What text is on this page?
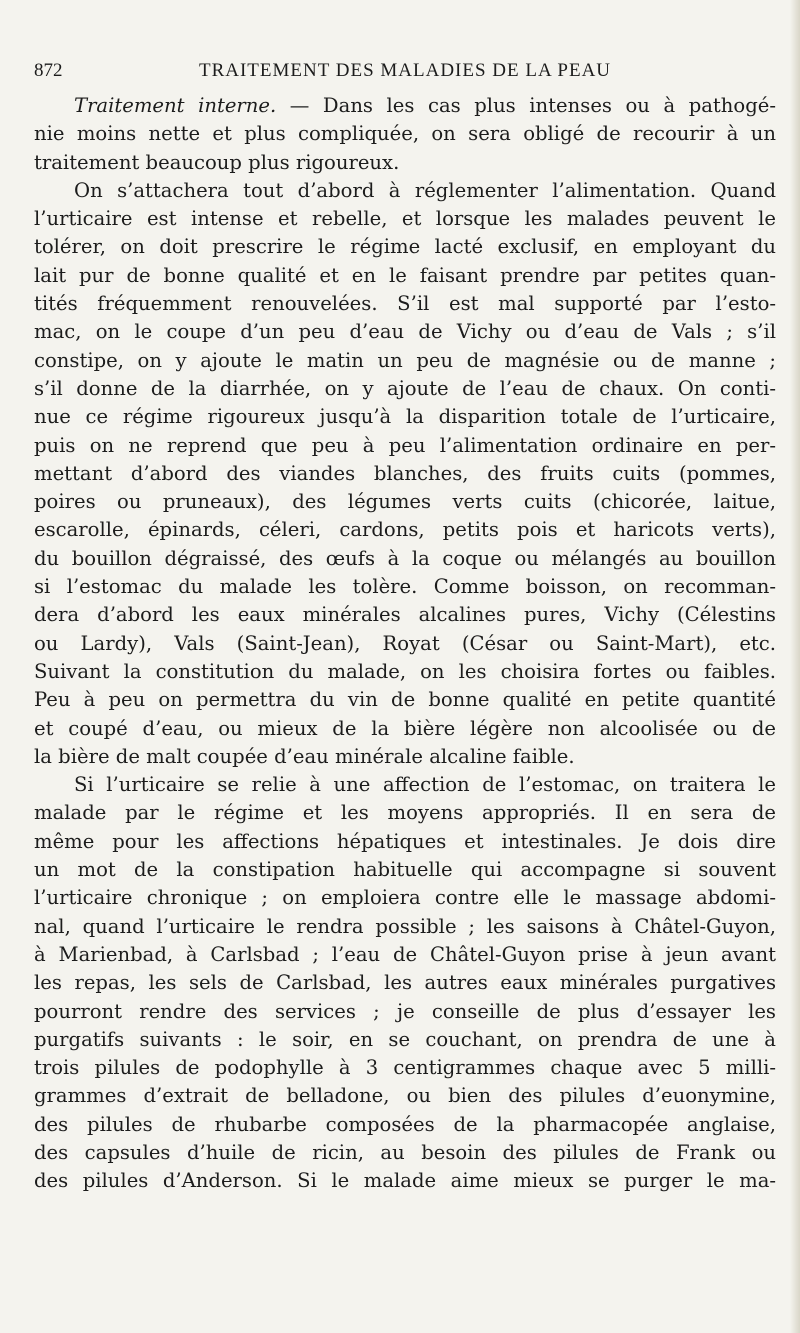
872	TRAITEMENT DES MALADIES DE LA PEAU
Traitement interne. — Dans les cas plus intenses ou à pathogé-
nie moins nette et plus compliquée, on sera obligé de recourir à un
traitement beaucoup plus rigoureux.
On s’attachera tout d’abord à réglementer l’alimentation. Quand
l’urticaire est intense et rebelle, et lorsque les malades peuvent le
tolérer, on doit prescrire le régime lacté exclusif, en employant du
lait pur de bonne qualité et en le faisant prendre par petites quan-
tités fréquemment renouvelées. S’il est mal supporté par l’esto-
mac, on le coupe d’un peu d’eau de Vichy ou d’eau de Vals ; s’il
constipe, on y ajoute le matin un peu de magnésie ou de manne ;
s’il donne de la diarrhée, on y ajoute de l’eau de chaux. On conti-
nue ce régime rigoureux jusqu’à la disparition totale de l’urticaire,
puis on ne reprend que peu à peu l’alimentation ordinaire en per-
mettant d’abord des viandes blanches, des fruits cuits (pommes,
poires ou pruneaux), des légumes verts cuits (chicorée, laitue,
escarolle, épinards, céleri, cardons, petits pois et haricots verts),
du bouillon dégraissé, des œufs à la coque ou mélangés au bouillon
si l’estomac du malade les tolère. Comme boisson, on recomman-
dera d’abord les eaux minérales alcalines pures, Vichy (Célestins
ou Lardy), Vals (Saint-Jean), Royat (César ou Saint-Mart), etc.
Suivant la constitution du malade, on les choisira fortes ou faibles.
Peu à peu on permettra du vin de bonne qualité en petite quantité
et coupé d’eau, ou mieux de la bière légère non alcoolisée ou de
la bière de malt coupée d’eau minérale alcaline faible.
Si l’urticaire se relie à une affection de l’estomac, on traitera le
malade par le régime et les moyens appropriés. Il en sera de
même pour les affections hépatiques et intestinales. Je dois dire
un mot de la constipation habituelle qui accompagne si souvent
l’urticaire chronique ; on emploiera contre elle le massage abdomi-
nal, quand l’urticaire le rendra possible ; les saisons à Châtel-Guyon,
à Marienbad, à Carlsbad ; l’eau de Châtel-Guyon prise à jeun avant
les repas, les sels de Carlsbad, les autres eaux minérales purgatives
pourront rendre des services ; je conseille de plus d’essayer les
purgatifs suivants : le soir, en se couchant, on prendra de une à
trois pilules de podophylle à 3 centigrammes chaque avec 5 milli-
grammes d’extrait de belladone, ou bien des pilules d’euonymine,
des pilules de rhubarbe composées de la pharmacopée anglaise,
des capsules d’huile de ricin, au besoin des pilules de Frank ou
des pilules d’Anderson. Si le malade aime mieux se purger le ma-
